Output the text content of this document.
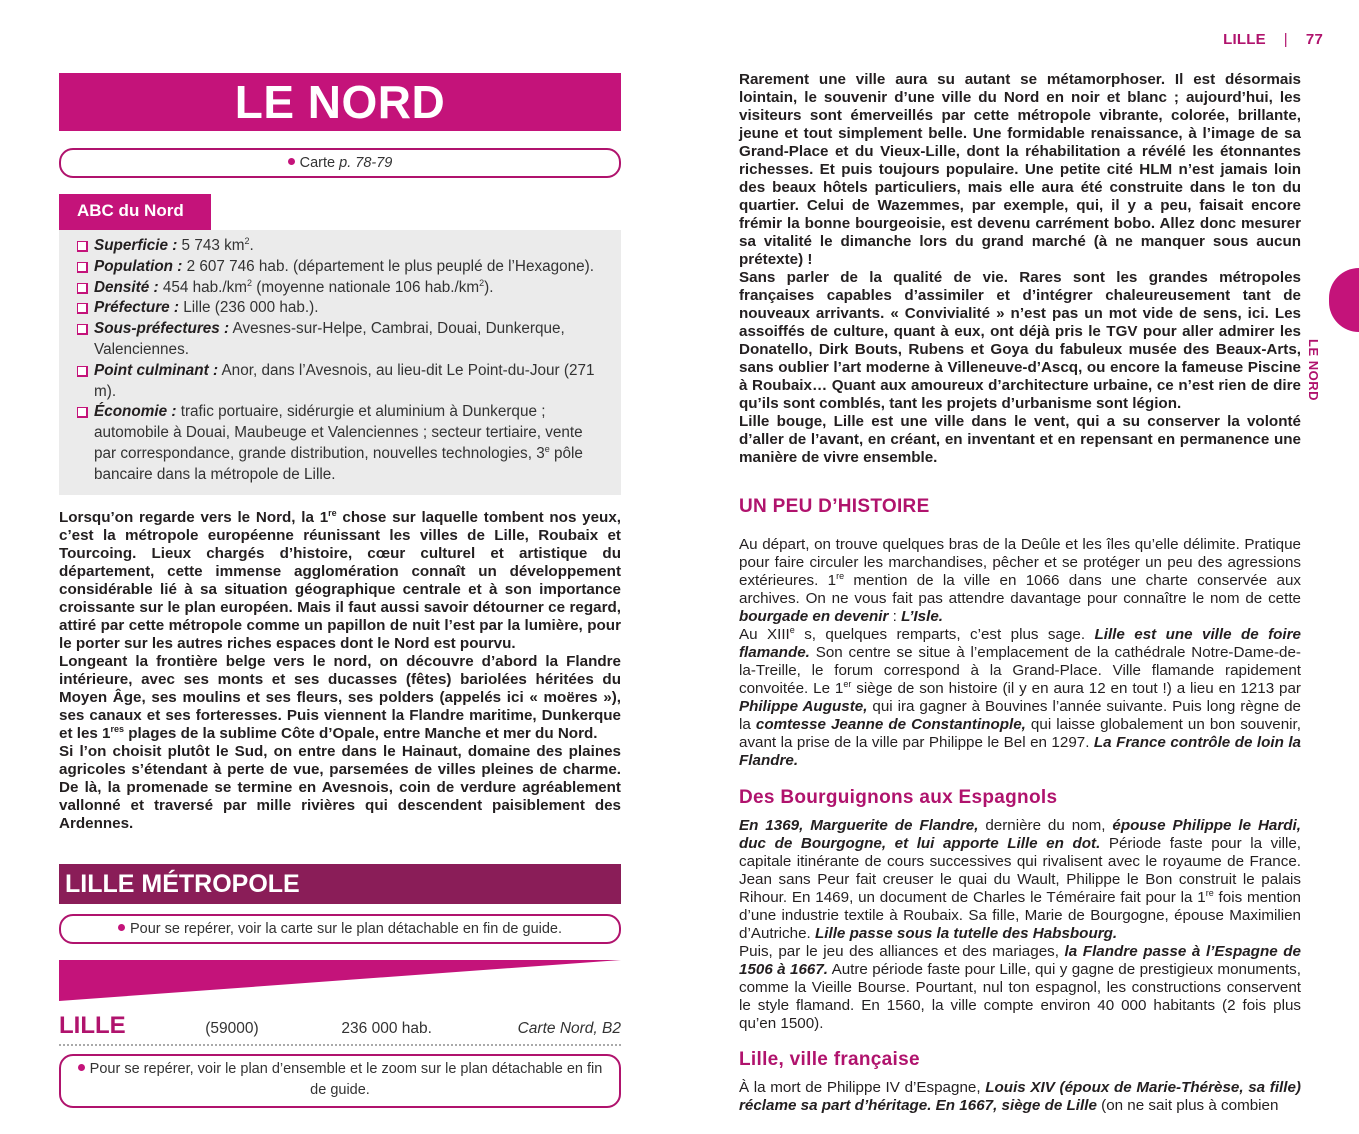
LILLE | 77
LE NORD
LE NORD
Carte p. 78-79
ABC du Nord
Superficie : 5 743 $km^2$.
Population : 2 607 746 hab. (département le plus peuplé de l’Hexagone).
Densité : 454 $hab./km^2$ (moyenne nationale 106 $hab./km^2$).
Préfecture : Lille (236 000 hab.).
Sous-préfectures : Avesnes-sur-Helpe, Cambrai, Douai, Dunkerque, Valenciennes.
Point culminant : Anor, dans l’Avesnois, au lieu-dit Le Point-du-Jour (271 m).
Économie : trafic portuaire, sidérurgie et aluminium à Dunkerque ; automobile à Douai, Maubeuge et Valenciennes ; secteur tertiaire, vente par correspondance, grande distribution, nouvelles technologies, 3e pôle bancaire dans la métropole de Lille.

Lorsqu’on regarde vers le Nord, la 1re chose sur laquelle tombent nos yeux, c’est la métropole européenne réunissant les villes de Lille, Roubaix et Tourcoing. Lieux chargés d’histoire, cœur culturel et artistique du département, cette immense agglomération connaît un développement considérable lié à sa situation géographique centrale et à son importance croissante sur le plan européen. Mais il faut aussi savoir détourner ce regard, attiré par cette métropole comme un papillon de nuit l’est par la lumière, pour le porter sur les autres riches espaces dont le Nord est pourvu.

Longeant la frontière belge vers le nord, on découvre d’abord la Flandre intérieure, avec ses monts et ses ducasses (fêtes) bariolées héritées du Moyen Âge, ses moulins et ses fleurs, ses polders (appelés ici « moëres »), ses canaux et ses forteresses. Puis viennent la Flandre maritime, Dunkerque et les 1res plages de la sublime Côte d’Opale, entre Manche et mer du Nord.

Si l’on choisit plutôt le Sud, on entre dans le Hainaut, domaine des plaines agricoles s’étendant à perte de vue, parsemées de villes pleines de charme. De là, la promenade se termine en Avesnois, coin de verdure agréablement vallonné et traversé par mille rivières qui descendent paisiblement des Ardennes.

LILLE MÉTROPOLE
Pour se repérer, voir la carte sur le plan détachable en fin de guide.
LILLE	(59000)	236 000 hab.	Carte Nord, B2
Pour se repérer, voir le plan d’ensemble et le zoom sur le plan détachable en fin de guide.

Rarement une ville aura su autant se métamorphoser. Il est désormais lointain, le souvenir d’une ville du Nord en noir et blanc ; aujourd’hui, les visiteurs sont émerveillés par cette métropole vibrante, colorée, brillante, jeune et tout simplement belle. Une formidable renaissance, à l’image de sa Grand-Place et du Vieux-Lille, dont la réhabilitation a révélé les étonnantes richesses. Et puis toujours populaire. Une petite cité HLM n’est jamais loin des beaux hôtels particuliers, mais elle aura été construite dans le ton du quartier. Celui de Wazemmes, par exemple, qui, il y a peu, faisait encore frémir la bonne bourgeoisie, est devenu carrément bobo. Allez donc mesurer sa vitalité le dimanche lors du grand marché (à ne manquer sous aucun prétexte) !

Sans parler de la qualité de vie. Rares sont les grandes métropoles françaises capables d’assimiler et d’intégrer chaleureusement tant de nouveaux arrivants. « Convivialité » n’est pas un mot vide de sens, ici. Les assoiffés de culture, quant à eux, ont déjà pris le TGV pour aller admirer les Donatello, Dirk Bouts, Rubens et Goya du fabuleux musée des Beaux-Arts, sans oublier l’art moderne à Villeneuve-d’Ascq, ou encore la fameuse Piscine à Roubaix… Quant aux amoureux d’architecture urbaine, ce n’est rien de dire qu’ils sont comblés, tant les projets d’urbanisme sont légion.

Lille bouge, Lille est une ville dans le vent, qui a su conserver la volonté d’aller de l’avant, en créant, en inventant et en repensant en permanence une manière de vivre ensemble.

UN PEU D’HISTOIRE

Au départ, on trouve quelques bras de la Deûle et les îles qu’elle délimite. Pratique pour faire circuler les marchandises, pêcher et se protéger un peu des agressions extérieures. 1re mention de la ville en 1066 dans une charte conservée aux archives. On ne vous fait pas attendre davantage pour connaître le nom de cette bourgade en devenir : L’Isle.

Au XIIIe s, quelques remparts, c’est plus sage. Lille est une ville de foire flamande. Son centre se situe à l’emplacement de la cathédrale Notre-Dame-de-la-Treille, le forum correspond à la Grand-Place. Ville flamande rapidement convoitée. Le 1er siège de son histoire (il y en aura 12 en tout !) a lieu en 1213 par Philippe Auguste, qui ira gagner à Bouvines l’année suivante. Puis long règne de la comtesse Jeanne de Constantinople, qui laisse globalement un bon souvenir, avant la prise de la ville par Philippe le Bel en 1297. La France contrôle de loin la Flandre.

Des Bourguignons aux Espagnols

En 1369, Marguerite de Flandre, dernière du nom, épouse Philippe le Hardi, duc de Bourgogne, et lui apporte Lille en dot. Période faste pour la ville, capitale itinérante de cours successives qui rivalisent avec le royaume de France. Jean sans Peur fait creuser le quai du Wault, Philippe le Bon construit le palais Rihour. En 1469, un document de Charles le Téméraire fait pour la 1re fois mention d’une industrie textile à Roubaix. Sa fille, Marie de Bourgogne, épouse Maximilien d’Autriche. Lille passe sous la tutelle des Habsbourg.

Puis, par le jeu des alliances et des mariages, la Flandre passe à l’Espagne de 1506 à 1667. Autre période faste pour Lille, qui y gagne de prestigieux monuments, comme la Vieille Bourse. Pourtant, nul ton espagnol, les constructions conservent le style flamand. En 1560, la ville compte environ 40 000 habitants (2 fois plus qu’en 1500).

Lille, ville française

À la mort de Philippe IV d’Espagne, Louis XIV (époux de Marie-Thérèse, sa fille) réclame sa part d’héritage. En 1667, siège de Lille (on ne sait plus à combien
